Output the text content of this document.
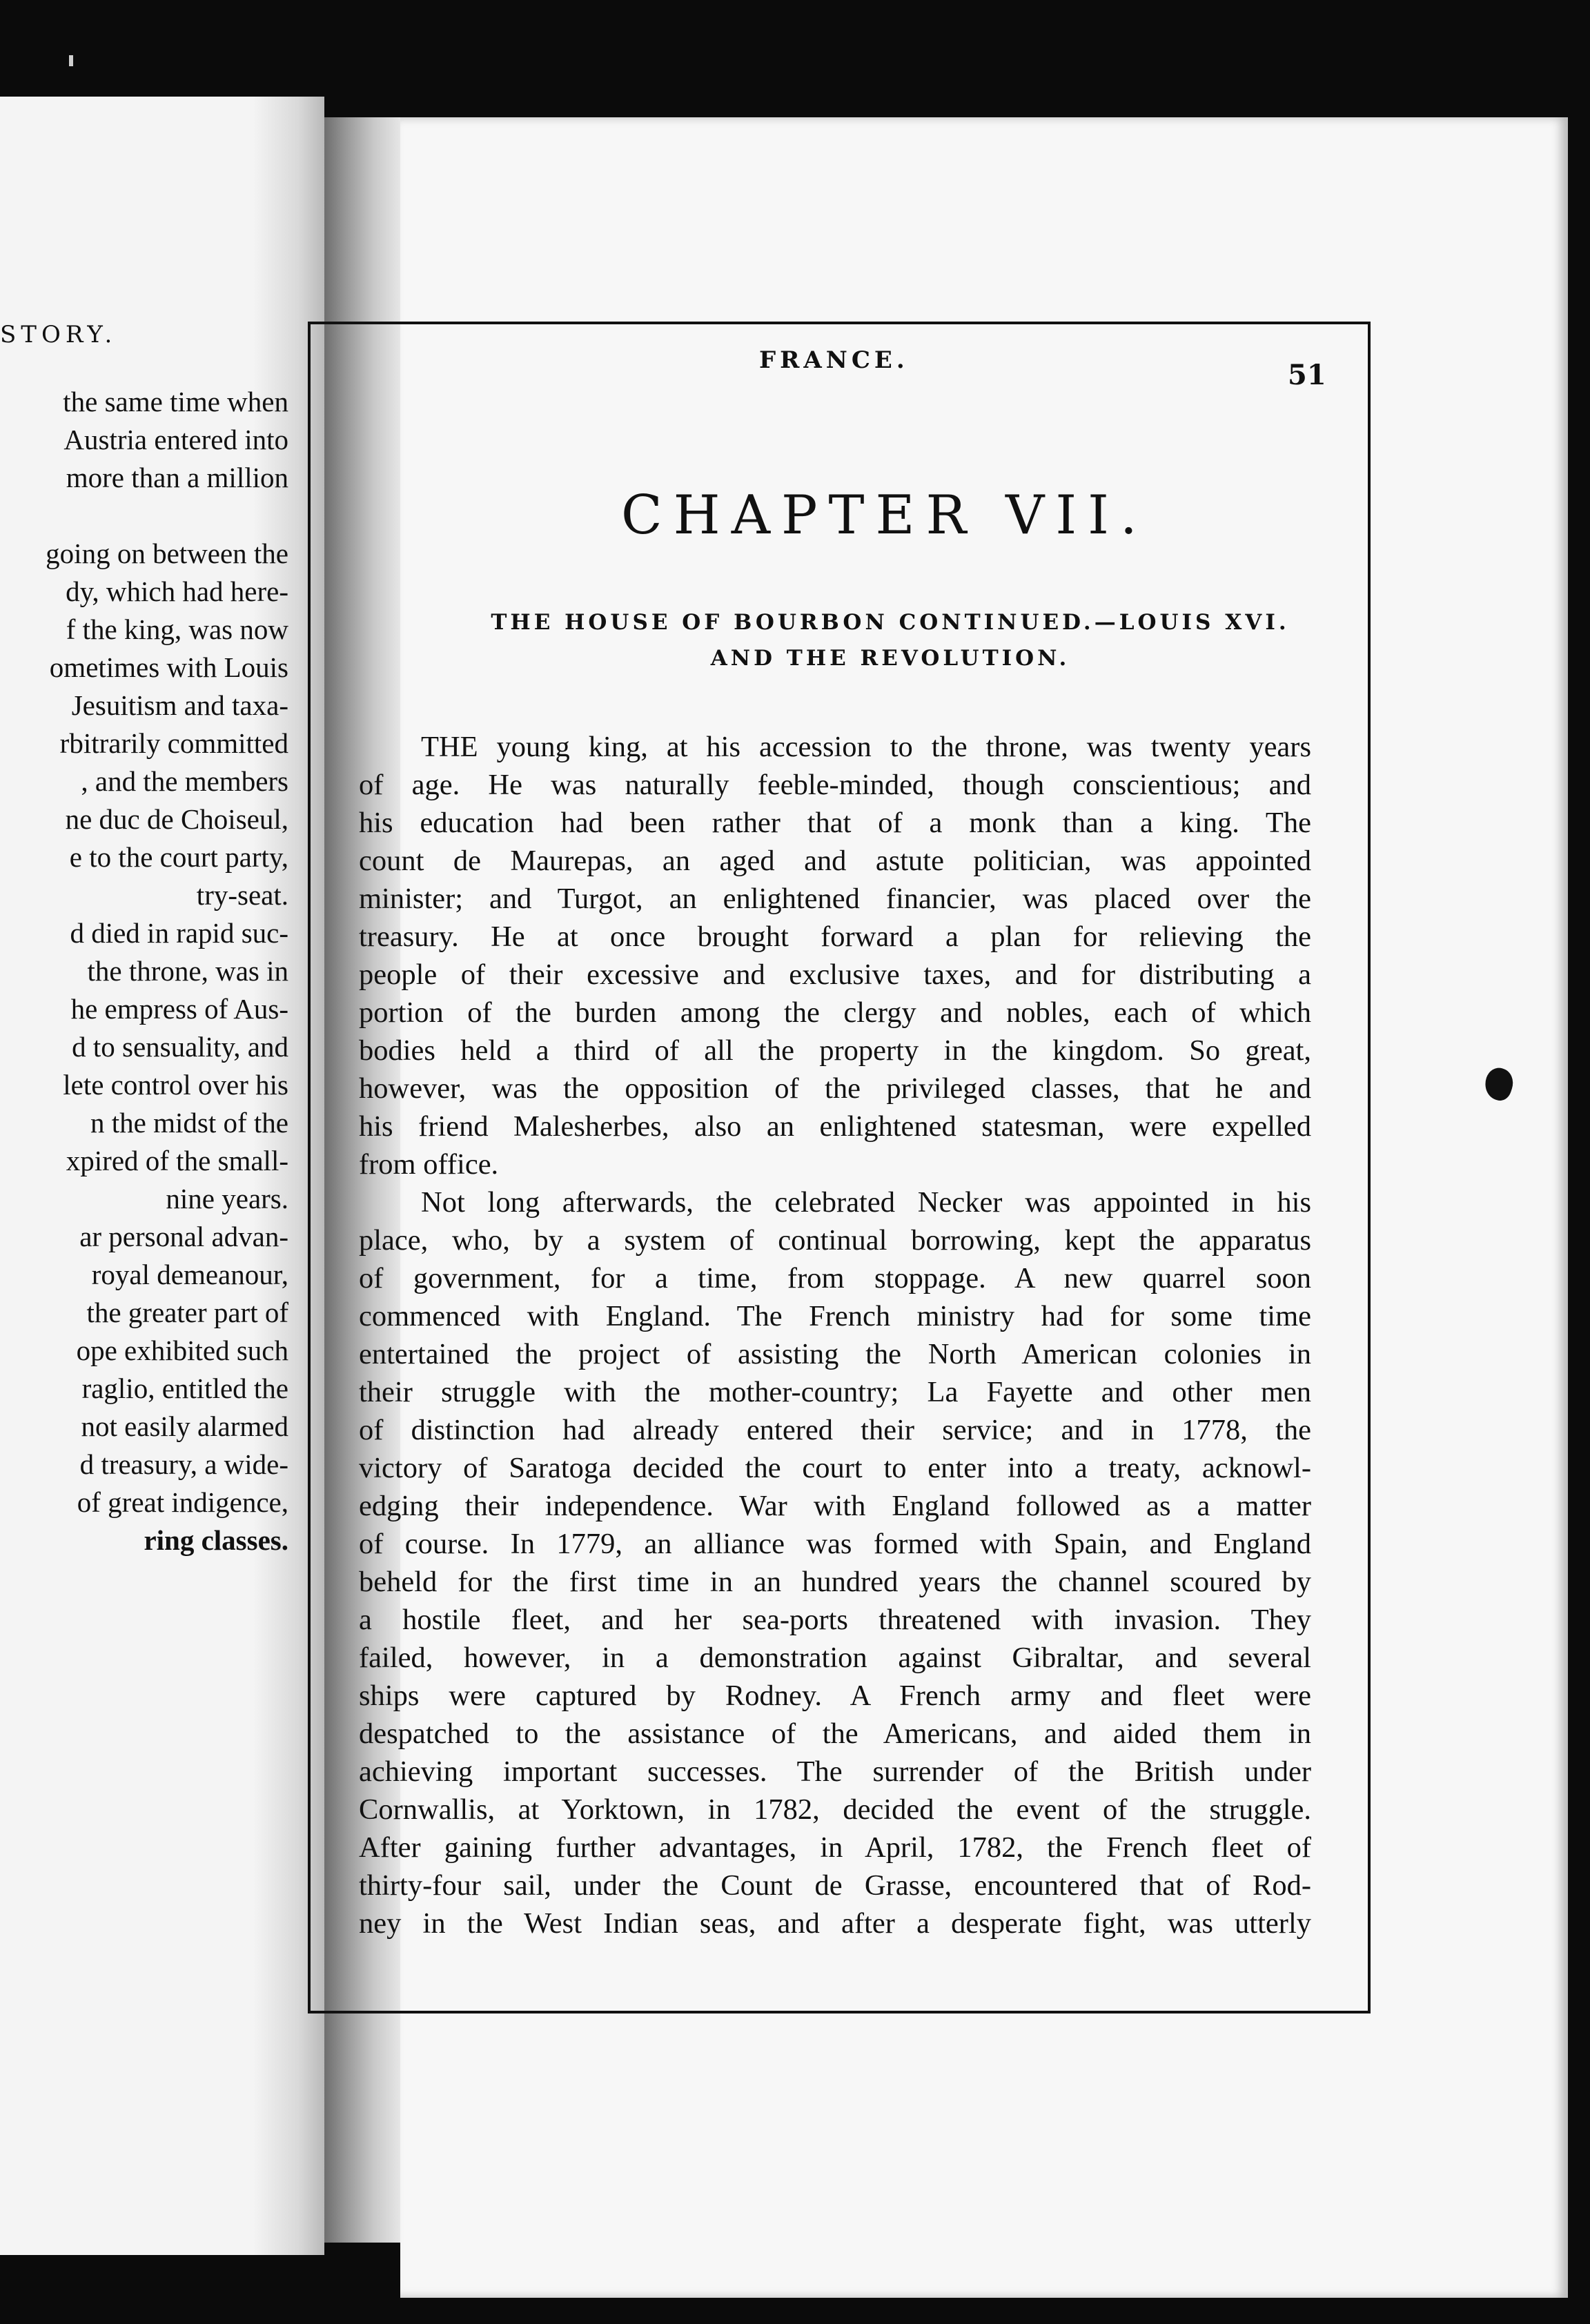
STORY.
the same time when
Austria entered into
more than a million
going on between the
dy, which had here-
f the king, was now
ometimes with Louis
Jesuitism and taxa-
rbitrarily committed
, and the members
ne duc de Choiseul,
e to the court party,
try-seat.
d died in rapid suc-
the throne, was in
he empress of Aus-
d to sensuality, and
lete control over his
n the midst of the
xpired of the small-
nine years.
ar personal advan-
royal demeanour,
the greater part of
ope exhibited such
raglio, entitled the
not easily alarmed
d treasury, a wide-
of great indigence,
ring classes.
FRANCE.	51
CHAPTER VII.
THE HOUSE OF BOURBON CONTINUED.—LOUIS XVI.
AND THE REVOLUTION.
THE young king, at his accession to the throne, was twenty years
of age. He was naturally feeble-minded, though conscientious; and
his education had been rather that of a monk than a king. The
count de Maurepas, an aged and astute politician, was appointed
minister; and Turgot, an enlightened financier, was placed over the
treasury. He at once brought forward a plan for relieving the
people of their excessive and exclusive taxes, and for distributing a
portion of the burden among the clergy and nobles, each of which
bodies held a third of all the property in the kingdom. So great,
however, was the opposition of the privileged classes, that he and
his friend Malesherbes, also an enlightened statesman, were expelled
from office.
Not long afterwards, the celebrated Necker was appointed in his
place, who, by a system of continual borrowing, kept the apparatus
of government, for a time, from stoppage. A new quarrel soon
commenced with England. The French ministry had for some time
entertained the project of assisting the North American colonies in
their struggle with the mother-country; La Fayette and other men
of distinction had already entered their service; and in 1778, the
victory of Saratoga decided the court to enter into a treaty, acknowl-
edging their independence. War with England followed as a matter
of course. In 1779, an alliance was formed with Spain, and England
beheld for the first time in an hundred years the channel scoured by
a hostile fleet, and her sea-ports threatened with invasion. They
failed, however, in a demonstration against Gibraltar, and several
ships were captured by Rodney. A French army and fleet were
despatched to the assistance of the Americans, and aided them in
achieving important successes. The surrender of the British under
Cornwallis, at Yorktown, in 1782, decided the event of the struggle.
After gaining further advantages, in April, 1782, the French fleet of
thirty-four sail, under the Count de Grasse, encountered that of Rod-
ney in the West Indian seas, and after a desperate fight, was utterly
